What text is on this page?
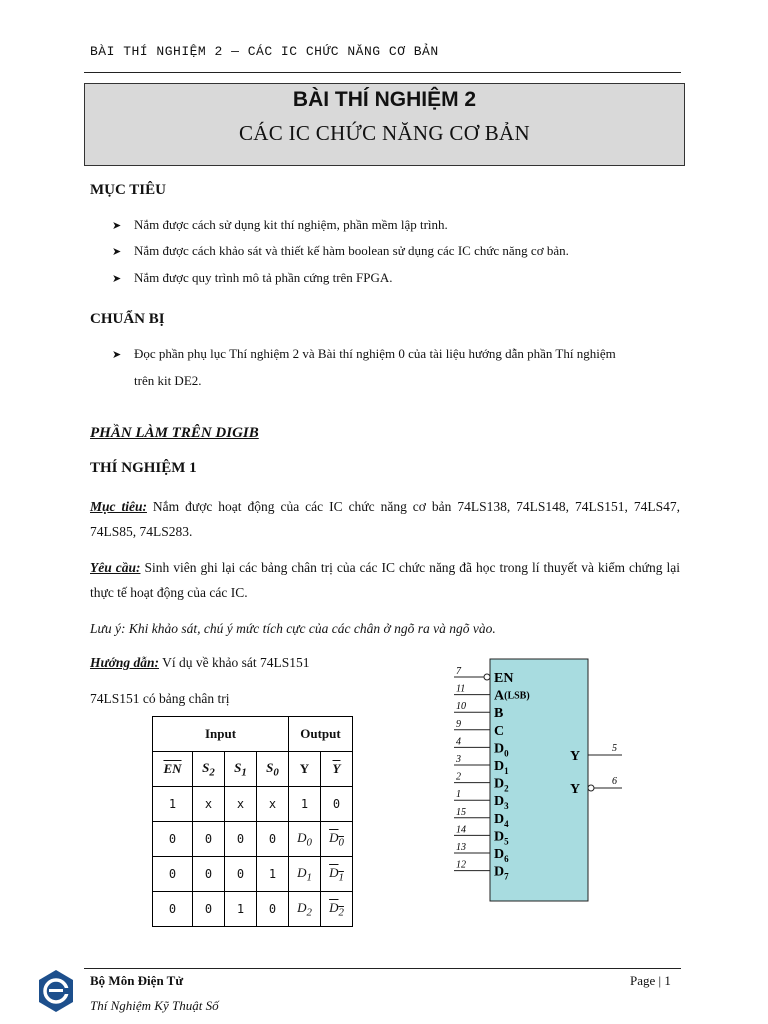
BÀI THÍ NGHIỆM 2 — CÁC IC CHỨC NĂNG CƠ BẢN
BÀI THÍ NGHIỆM 2
CÁC IC CHỨC NĂNG CƠ BẢN
MỤC TIÊU
➤ Nắm được cách sử dụng kit thí nghiệm, phần mềm lập trình.
➤ Nắm được cách khảo sát và thiết kế hàm boolean sử dụng các IC chức năng cơ bản.
➤ Nắm được quy trình mô tả phần cứng trên FPGA.
CHUẨN BỊ
➤ Đọc phần phụ lục Thí nghiệm 2 và Bài thí nghiệm 0 của tài liệu hướng dẫn phần Thí nghiệm
trên kit DE2.
PHẦN LÀM TRÊN DIGIB
THÍ NGHIỆM 1
Mục tiêu: Nắm được hoạt động của các IC chức năng cơ bản 74LS138, 74LS148, 74LS151, 74LS47, 74LS85, 74LS283.
Yêu cầu: Sinh viên ghi lại các bảng chân trị của các IC chức năng đã học trong lí thuyết và kiểm chứng lại thực tế hoạt động của các IC.
Lưu ý: Khi khảo sát, chú ý mức tích cực của các chân ở ngõ ra và ngõ vào.
Hướng dẫn: Ví dụ về khảo sát 74LS151
74LS151 có bảng chân trị
Input				Output	
$\overline{EN}$	$S_2$	$S_1$	$S_0$	Y	$\overline{Y}$
1	x	x	x	1	0
0	0	0	0	$D_0$	$D_0$
0	0	0	1	$D_1$	$D_1$
0	0	1	0	$D_2$	$D_2$
7 EN
11 A(LSB)
10 B
9 C
4 $D_0$
3 $D_1$
2 $D_2$
1 $D_3$
15 $D_4$
14 $D_5$
13 $D_6$
12 $D_7$
5
Y
6
Y
Bộ Môn Điện Tử
Thí Nghiệm Kỹ Thuật Số
Page | 1
